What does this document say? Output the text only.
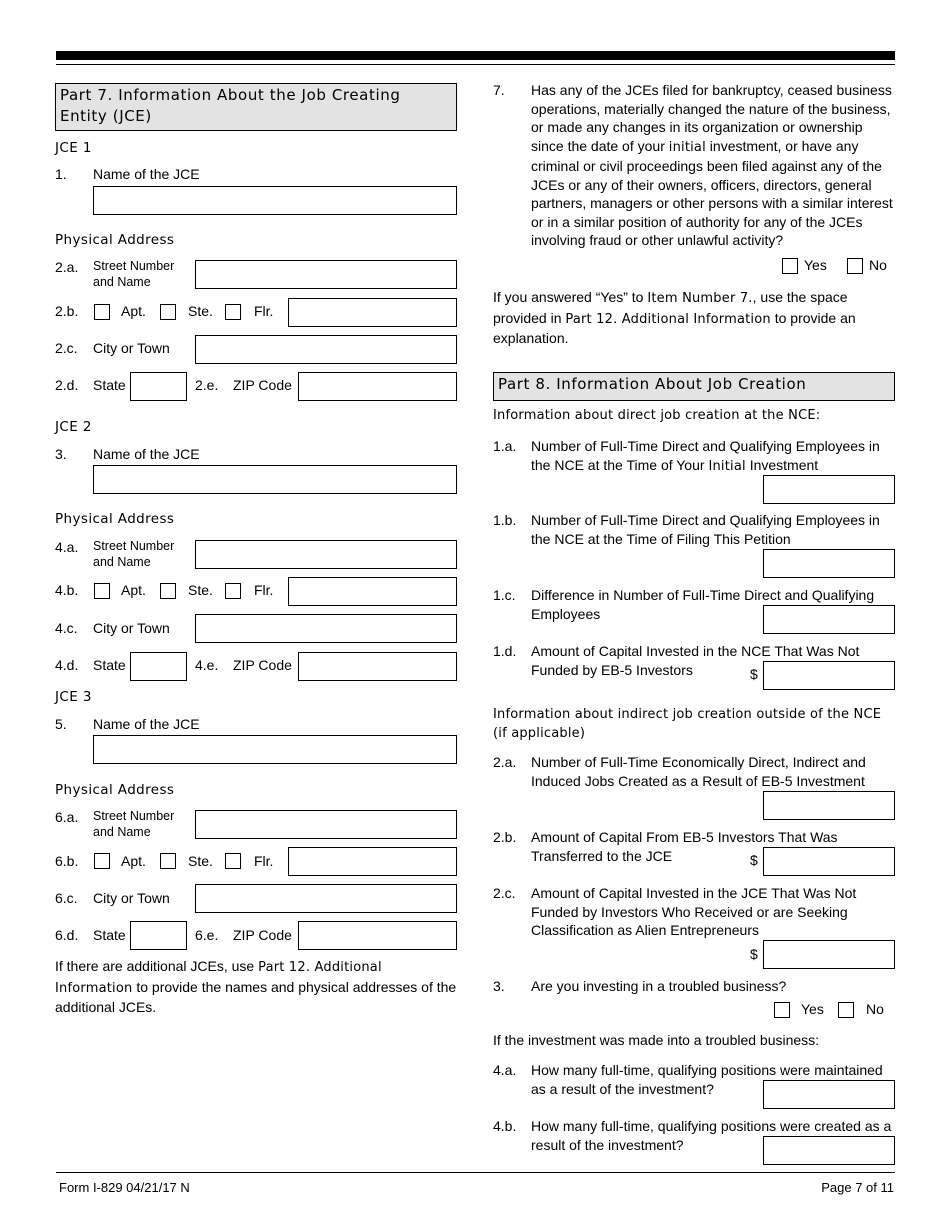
Part 7. Information About the Job Creating Entity (JCE)
JCE 1
1. Name of the JCE
Physical Address
2.a. Street Number
and Name
2.b.	Apt.	Ste.	Flr.
2.c. City or Town
2.d. State	2.e. ZIP Code
JCE 2
3. Name of the JCE
Physical Address
4.a. Street Number
and Name
4.b.	Apt.	Ste.	Flr.
4.c. City or Town
4.d. State	4.e. ZIP Code
JCE 3
5. Name of the JCE
Physical Address
6.a. Street Number
and Name
6.b.	Apt.	Ste.	Flr.
6.c. City or Town
6.d. State	6.e. ZIP Code
If there are additional JCEs, use Part 12. Additional Information to provide the names and physical addresses of the additional JCEs.
7. Has any of the JCEs filed for bankruptcy, ceased business operations, materially changed the nature of the business, or made any changes in its organization or ownership since the date of your initial investment, or have any criminal or civil proceedings been filed against any of the JCEs or any of their owners, officers, directors, general partners, managers or other persons with a similar interest or in a similar position of authority for any of the JCEs involving fraud or other unlawful activity?
Yes	No
If you answered “Yes” to Item Number 7., use the space provided in Part 12. Additional Information to provide an explanation.
Part 8. Information About Job Creation
Information about direct job creation at the NCE:
1.a. Number of Full-Time Direct and Qualifying Employees in the NCE at the Time of Your Initial Investment
1.b. Number of Full-Time Direct and Qualifying Employees in the NCE at the Time of Filing This Petition
1.c. Difference in Number of Full-Time Direct and Qualifying Employees
1.d. Amount of Capital Invested in the NCE That Was Not Funded by EB-5 Investors	$
Information about indirect job creation outside of the NCE (if applicable)
2.a. Number of Full-Time Economically Direct, Indirect and Induced Jobs Created as a Result of EB-5 Investment
2.b. Amount of Capital From EB-5 Investors That Was Transferred to the JCE	$
2.c. Amount of Capital Invested in the JCE That Was Not Funded by Investors Who Received or are Seeking Classification as Alien Entrepreneurs
$
3. Are you investing in a troubled business?
Yes	No
If the investment was made into a troubled business:
4.a. How many full-time, qualifying positions were maintained as a result of the investment?
4.b. How many full-time, qualifying positions were created as a result of the investment?
Form I-829 04/21/17 N	Page 7 of 11
